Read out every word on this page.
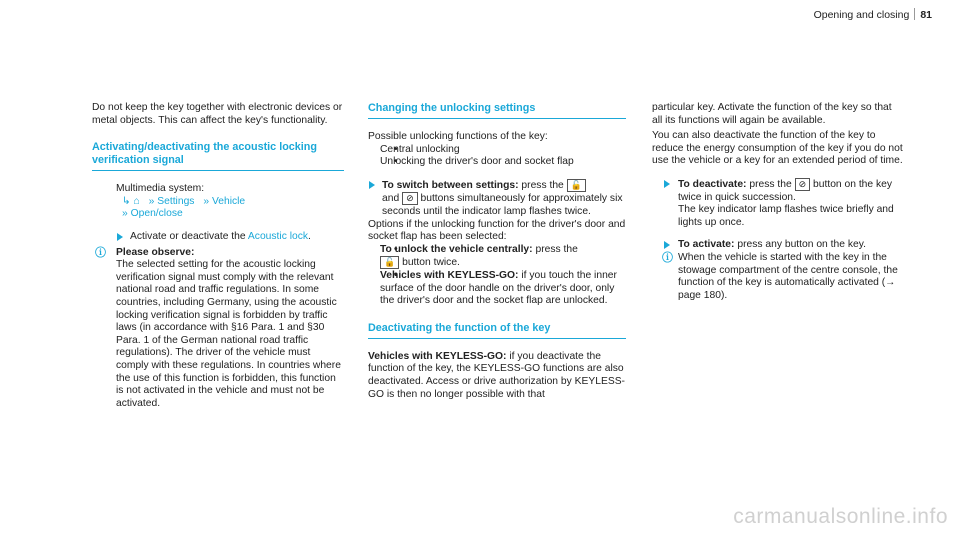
Opening and closing 81

Do not keep the key together with electronic devices or metal objects. This can affect the key's functionality.

Activating/deactivating the acoustic locking verification signal

Multimedia system:

↳ ⌂ » Settings » Vehicle

» Open/close

Activate or deactivate the Acoustic lock.

ⓘ Please observe:

The selected setting for the acoustic locking verification signal must comply with the relevant national road and traffic regulations. In some countries, including Germany, using the acoustic locking verification signal is forbidden by traffic laws (in accordance with §16 Para. 1 and §30 Para. 1 of the German national road traffic regulations). The driver of the vehicle must comply with these regulations. In countries where the use of this function is forbidden, this function is not activated in the vehicle and must not be activated.

Changing the unlocking settings

Possible unlocking functions of the key:

• Central unlocking

• Unlocking the driver's door and socket flap

To switch between settings: press the 🔓
and ⊘ buttons simultaneously for approximately six seconds until the indicator lamp flashes twice.

Options if the unlocking function for the driver's door and socket flap has been selected:

• To unlock the vehicle centrally: press the
🔓 button twice.

• Vehicles with KEYLESS-GO: if you touch the inner surface of the door handle on the driver's door, only the driver's door and the socket flap are unlocked.

Deactivating the function of the key

Vehicles with KEYLESS-GO: if you deactivate the function of the key, the KEYLESS-GO functions are also deactivated. Access or drive authorization by KEYLESS-GO is then no longer possible with that

particular key. Activate the function of the key so that all its functions will again be available.

You can also deactivate the function of the key to reduce the energy consumption of the key if you do not use the vehicle or a key for an extended period of time.

To deactivate: press the ⊘ button on the key twice in quick succession.

The key indicator lamp flashes twice briefly and lights up once.

To activate: press any button on the key.

ⓘ When the vehicle is started with the key in the stowage compartment of the centre console, the function of the key is automatically activated (→ page 180).

carmanualsonline.info
